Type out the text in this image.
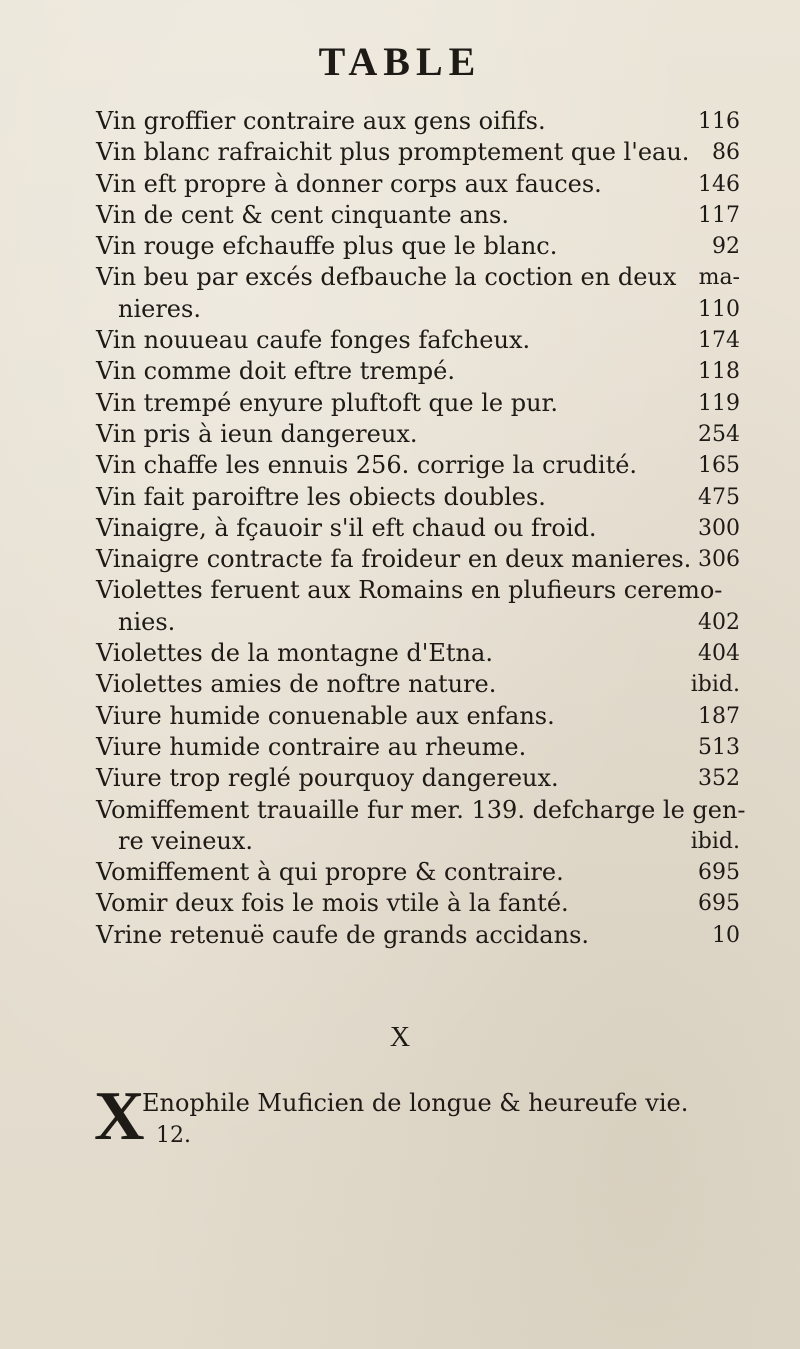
TABLE
Vin groffier contraire aux gens oififs.	116
Vin blanc rafraichit plus promptement que l'eau. 86
Vin eft propre à donner corps aux fauces.	146
Vin de cent & cent cinquante ans.	117
Vin rouge efchauffe plus que le blanc.	92
Vin beu par excés defbauche la coction en deux ma-
nieres.	110
Vin nouueau caufe fonges fafcheux.	174
Vin comme doit eftre trempé.	118
Vin trempé enyure pluftoft que le pur.	119
Vin pris à ieun dangereux.	254
Vin chaffe les ennuis 256. corrige la crudité.	165
Vin fait paroiftre les obiects doubles.	475
Vinaigre, à fçauoir s'il eft chaud ou froid.	300
Vinaigre contracte fa froideur en deux manieres. 306
Violettes feruent aux Romains en plufieurs ceremo-
nies.	402
Violettes de la montagne d'Etna.	404
Violettes amies de noftre nature.	ibid.
Viure humide conuenable aux enfans.	187
Viure humide contraire au rheume.	513
Viure trop reglé pourquoy dangereux.	352
Vomiffement trauaille fur mer. 139. defcharge le gen-
re veineux.	ibid.
Vomiffement à qui propre & contraire.	695
Vomir deux fois le mois vtile à la fanté.	695
Vrine retenuë caufe de grands accidans.	10
X
X
Enophile Muficien de longue & heureufe vie.
12.
